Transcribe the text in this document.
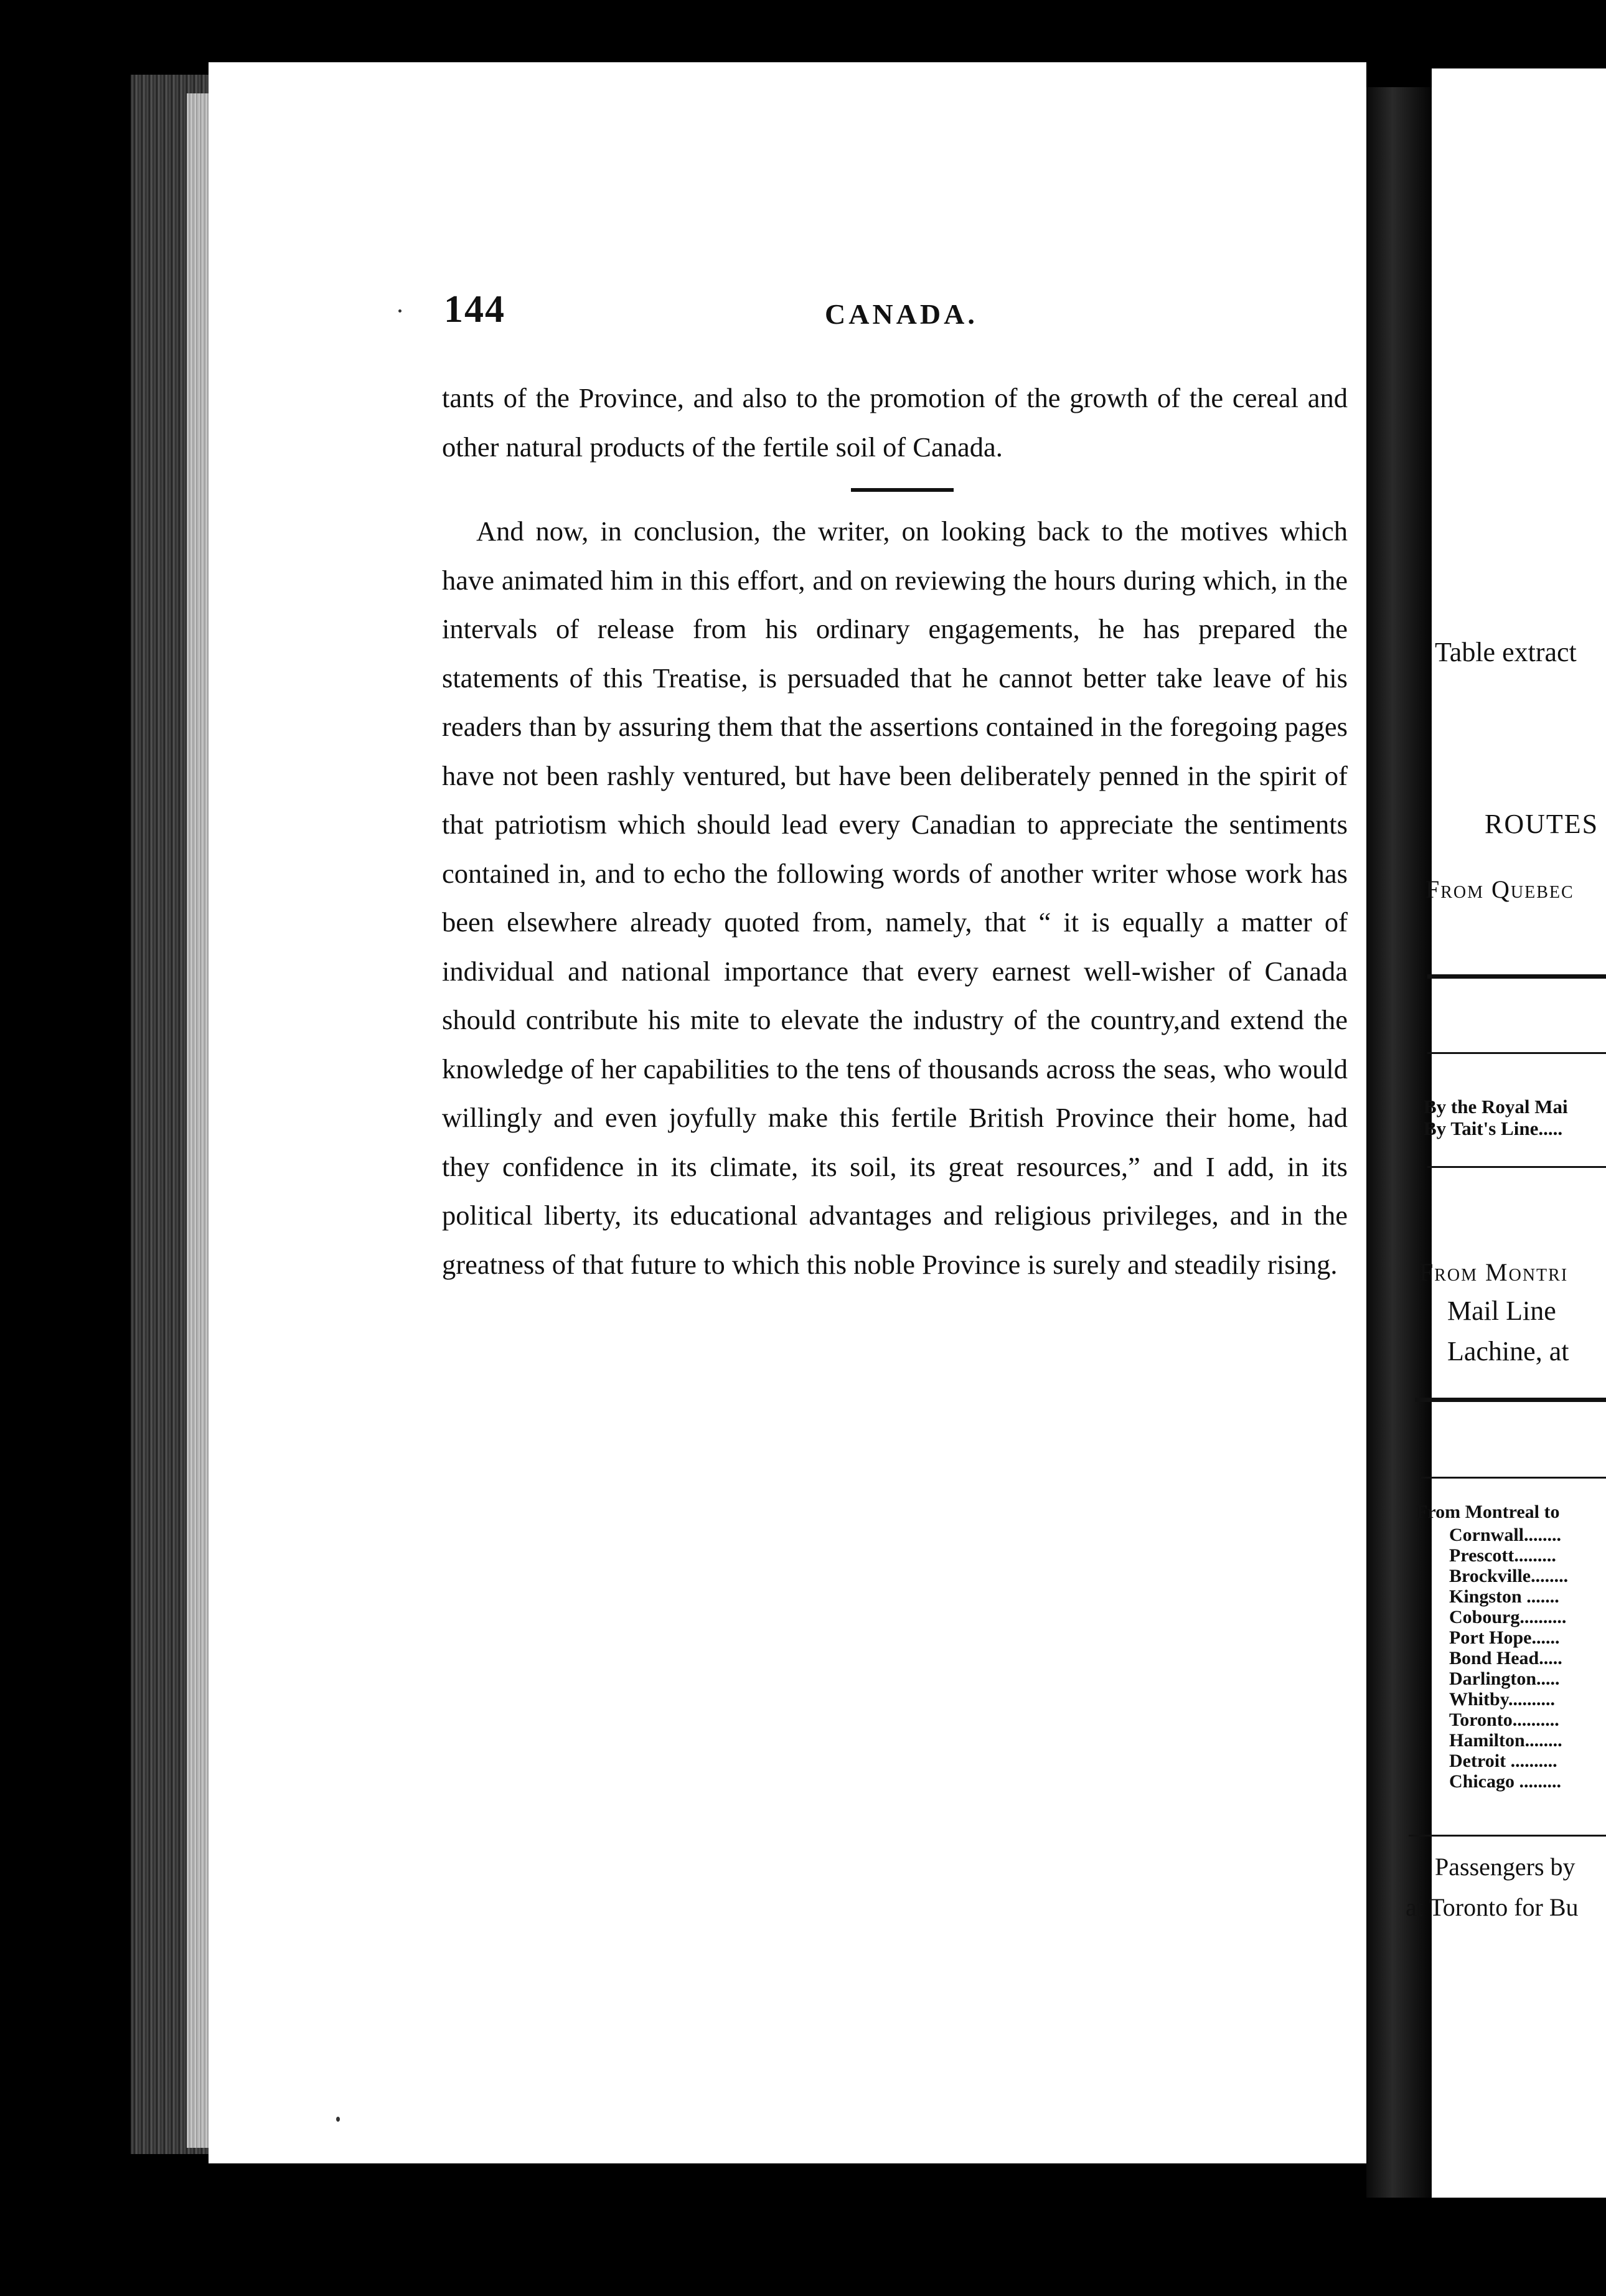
144	CANADA.

tants of the Province, and also to the promotion of the growth of the cereal and other natural products of the fertile soil of Canada.

And now, in conclusion, the writer, on looking back to the motives which have animated him in this effort, and on reviewing the hours during which, in the intervals of release from his ordinary engagements, he has prepared the statements of this Treatise, is persuaded that he cannot better take leave of his readers than by assuring them that the assertions contained in the foregoing pages have not been rashly ventured, but have been deliberately penned in the spirit of that patriotism which should lead every Canadian to appreciate the sentiments contained in, and to echo the following words of another writer whose work has been elsewhere already quoted from, namely, that “ it is equally a matter of individual and national importance that every earnest well-wisher of Canada should contribute his mite to elevate the industry of the country,and extend the knowledge of her capabilities to the tens of thousands across the seas, who would willingly and even joyfully make this fertile British Province their home, had they confidence in its climate, its soil, its great resources,” and I add, in its political liberty, its educational advantages and religious privileges, and in the greatness of that future to which this noble Province is surely and steadily rising.

Table extract
ROUTES
From Quebec
By the Royal Mai
By Tait's Line.....
From Montri
Mail Line
Lachine, at
From Montreal to
Cornwall........
Prescott.........
Brockville........
Kingston .......
Cobourg..........
Port Hope......
Bond Head.....
Darlington.....
Whitby..........
Toronto..........
Hamilton........
Detroit ..........
Chicago .........
Passengers by
at Toronto for Bu
